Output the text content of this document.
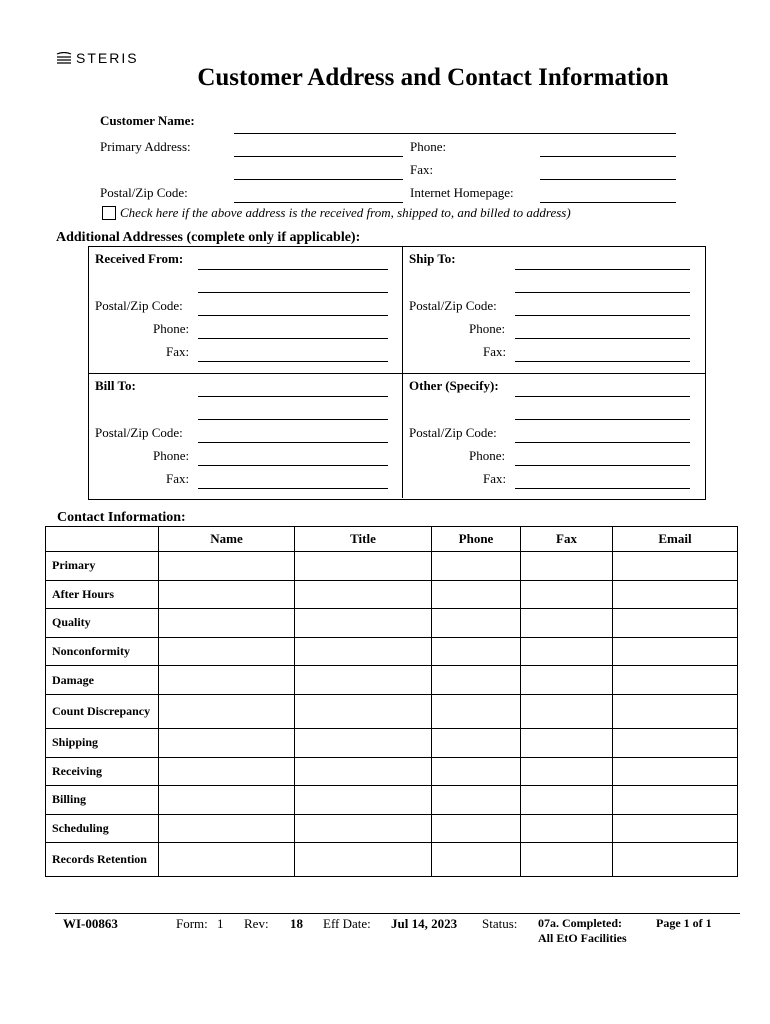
STERIS
Customer Address and Contact Information
Customer Name:
Primary Address:	Phone:
Fax:
Postal/Zip Code:	Internet Homepage:
Check here if the above address is the received from, shipped to, and billed to address)
Additional Addresses (complete only if applicable):
Received From:
Postal/Zip Code:
Phone:
Fax:
Ship To:
Postal/Zip Code:
Phone:
Fax:
Bill To:
Postal/Zip Code:
Phone:
Fax:
Other (Specify):
Postal/Zip Code:
Phone:
Fax:
Contact Information:
	Name	Title	Phone	Fax	Email
Primary					
After Hours					
Quality					
Nonconformity					
Damage					
Count Discrepancy					
Shipping					
Receiving					
Billing					
Scheduling					
Records Retention					
WI-00863	Form: 1 Rev: 18 Eff Date: Jul 14, 2023 Status: 07a. Completed: All EtO Facilities
Page 1 of 1
